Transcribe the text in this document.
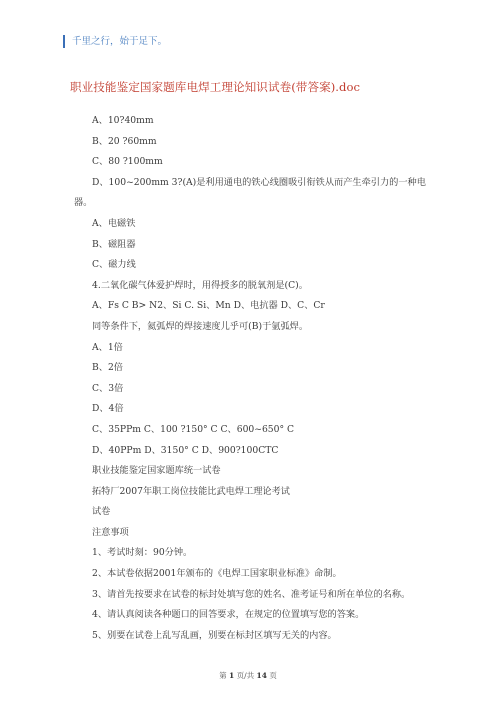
千里之行，始于足下。
职业技能鉴定国家题库电焊工理论知识试卷(带答案).doc
A、10?40mm
B、20 ?60mm
C、80 ?100mm
D、100~200mm 3?(A)是利用通电的铁心线圈吸引衔铁从而产生牵引力的一种电器。
A、电磁铁
B、磁阻器
C、磁力线
4.二氧化碳气体爱护焊时，用得授多的脱氧剂是(C)。
A、Fs C B> N2、Si C. Si、Mn D、电抗器 D、C、Cr
同等条件下，氦弧焊的焊接速度儿乎可(B)于氩弧焊。
A、1倍
B、2倍
C、3倍
D、4倍
C、35PPm C、100 ?150° C C、600~650° C
D、40PPm D、3150° C D、900?100CTC
职业技能鉴定国家题库统一试卷
拓特厂2007年职工岗位技能比武电焊工理论考试
试卷
注意事项
1、考试时刻：90分钟。
2、本试卷依据2001年颁布的《电焊工国家职业标准》命制。
3、请首先按要求在试卷的标封处填写您的姓名、准考证号和所在单位的名称。
4、请认真阅读各种题口的回答要求，在规定的位置填写您的答案。
5、别要在试卷上乱写乱画，别要在标封区填写无关的内容。
第 1 页/共 14 页
